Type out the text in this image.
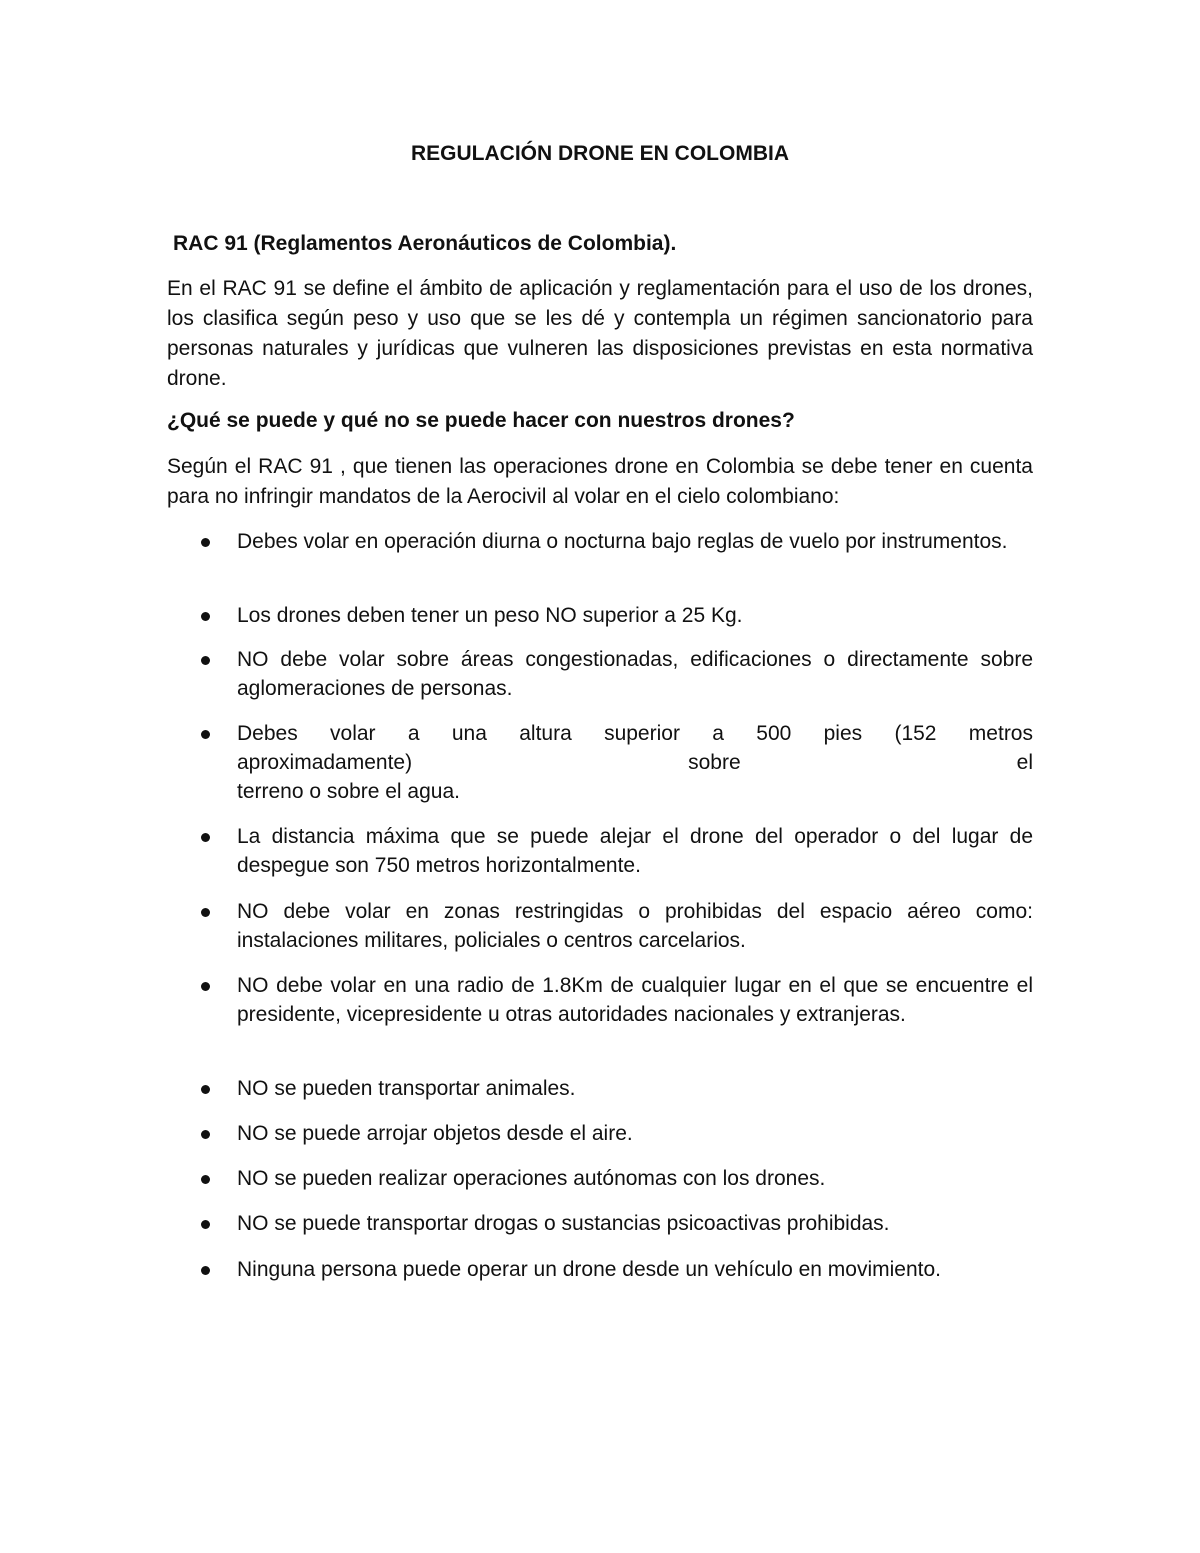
REGULACIÓN DRONE EN COLOMBIA
RAC 91 (Reglamentos Aeronáuticos de Colombia).

En el RAC 91 se define el ámbito de aplicación y reglamentación para el uso de los drones, los clasifica según peso y uso que se les dé y contempla un régimen sancionatorio para personas naturales y jurídicas que vulneren las disposiciones previstas en esta normativa drone.

¿Qué se puede y qué no se puede hacer con nuestros drones?

Según el RAC 91 , que tienen las operaciones drone en Colombia se debe tener en cuenta para no infringir mandatos de la Aerocivil al volar en el cielo colombiano:

Debes volar en operación diurna o nocturna bajo reglas de vuelo por instrumentos.
Los drones deben tener un peso NO superior a 25 Kg.
NO debe volar sobre áreas congestionadas, edificaciones o directamente sobre aglomeraciones de personas.
Debes volar a una altura superior a 500 pies (152 metros
aproximadamente) sobre el
terreno o sobre el agua.
La distancia máxima que se puede alejar el drone del operador o del lugar de despegue son 750 metros horizontalmente.
NO debe volar en zonas restringidas o prohibidas del espacio aéreo como: instalaciones militares, policiales o centros carcelarios.
NO debe volar en una radio de 1.8Km de cualquier lugar en el que se encuentre el presidente, vicepresidente u otras autoridades nacionales y extranjeras.
NO se pueden transportar animales.
NO se puede arrojar objetos desde el aire.
NO se pueden realizar operaciones autónomas con los drones.
NO se puede transportar drogas o sustancias psicoactivas prohibidas.
Ninguna persona puede operar un drone desde un vehículo en movimiento.
